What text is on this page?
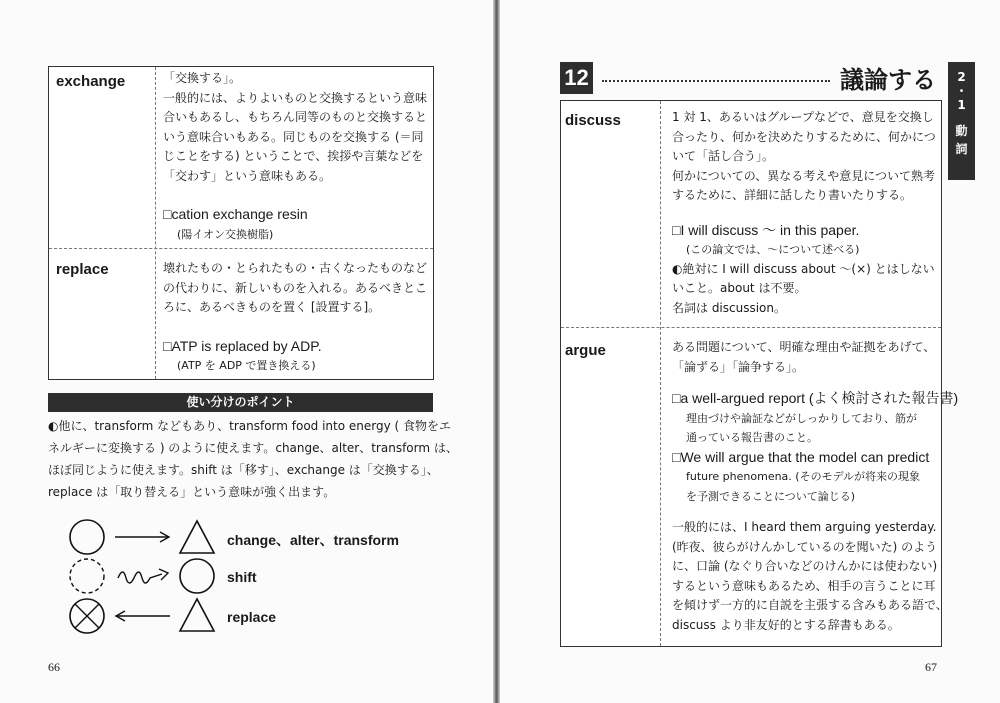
exchange	「交換する」。

一般的には、よりよいものと交換するという意味

合いもあるし、もちろん同等のものと交換すると

いう意味合いもある。同じものを交換する (＝同

じことをする) ということで、挨拶や言葉などを

「交わす」という意味もある。

□cation exchange resin

(陽イオン交換樹脂)

replace	壊れたもの・とられたもの・古くなったものなど

の代わりに、新しいものを入れる。あるべきとこ

ろに、あるべきものを置く [設置する]。

□ATP is replaced by ADP.

(ATP を ADP で置き換える)

使い分けのポイント

◐他に、transform などもあり、transform food into energy ( 食物をエ

ネルギーに変換する ) のように使えます。change、alter、transform は、

ほぼ同じように使えます。shift は「移す」、exchange は「交換する」、

replace は「取り替える」という意味が強く出ます。

change、alter、transform
shift
replace
66
12	議論する	2
・
1
動
詞
discuss	1 対 1、あるいはグループなどで、意見を交換し

合ったり、何かを決めたりするために、何かにつ

いて「話し合う」。

何かについての、異なる考えや意見について熟考

するために、詳細に話したり書いたりする。

□I will discuss ～ in this paper.

(この論文では、～について述べる)

◐絶対に I will discuss about ～(×) とはしない

いこと。about は不要。

名詞は discussion。

argue	ある問題について、明確な理由や証拠をあげて、

「論ずる」「論争する」。

□a well-argued report (よく検討された報告書)

理由づけや論証などがしっかりしており、筋が

通っている報告書のこと。

□We will argue that the model can predict

future phenomena. (そのモデルが将来の現象

を予測できることについて論じる)

一般的には、I heard them arguing yesterday.

(昨夜、彼らがけんかしているのを聞いた) のよう

に、口論 (なぐり合いなどのけんかには使わない)

するという意味もあるため、相手の言うことに耳

を傾けず一方的に自説を主張する含みもある語で、

discuss より非友好的とする辞書もある。

67
